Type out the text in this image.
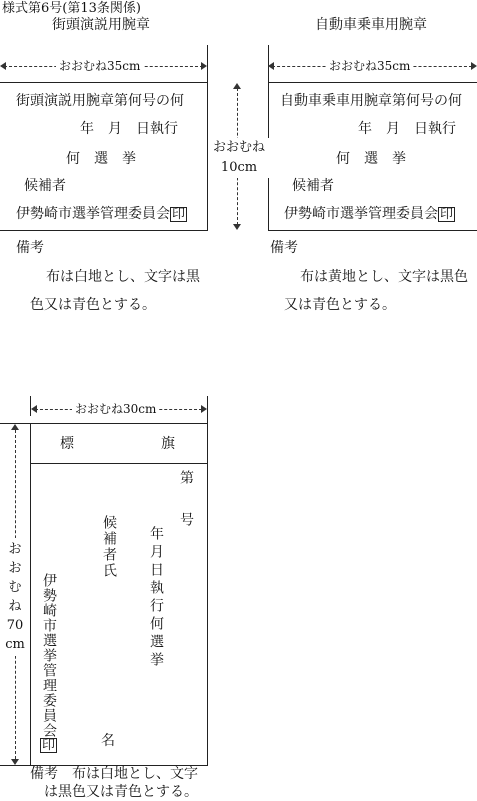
様式第6号(第13条関係)
街頭演説用腕章	自動車乗車用腕章
おおむね35cm	おおむね35cm
おおむね10cm
街頭演説用腕章第何号の何
年　月　日執行
何　選　挙
候補者
伊勢崎市選挙管理委員会 印
自動車乗車用腕章第何号の何
年　月　日執行
何　選　挙
候補者
伊勢崎市選挙管理委員会 印
備考
布は白地とし、文字は黒
色又は青色とする。
備考
布は黄地とし、文字は黒色
又は青色とする。
おおむね30cm
おおむね70cm
標	旗
第　　号
年月日執行何選挙
候補者氏
名
伊勢崎市選挙管理委員会
印
備考　布は白地とし、文字
は黒色又は青色とする。
